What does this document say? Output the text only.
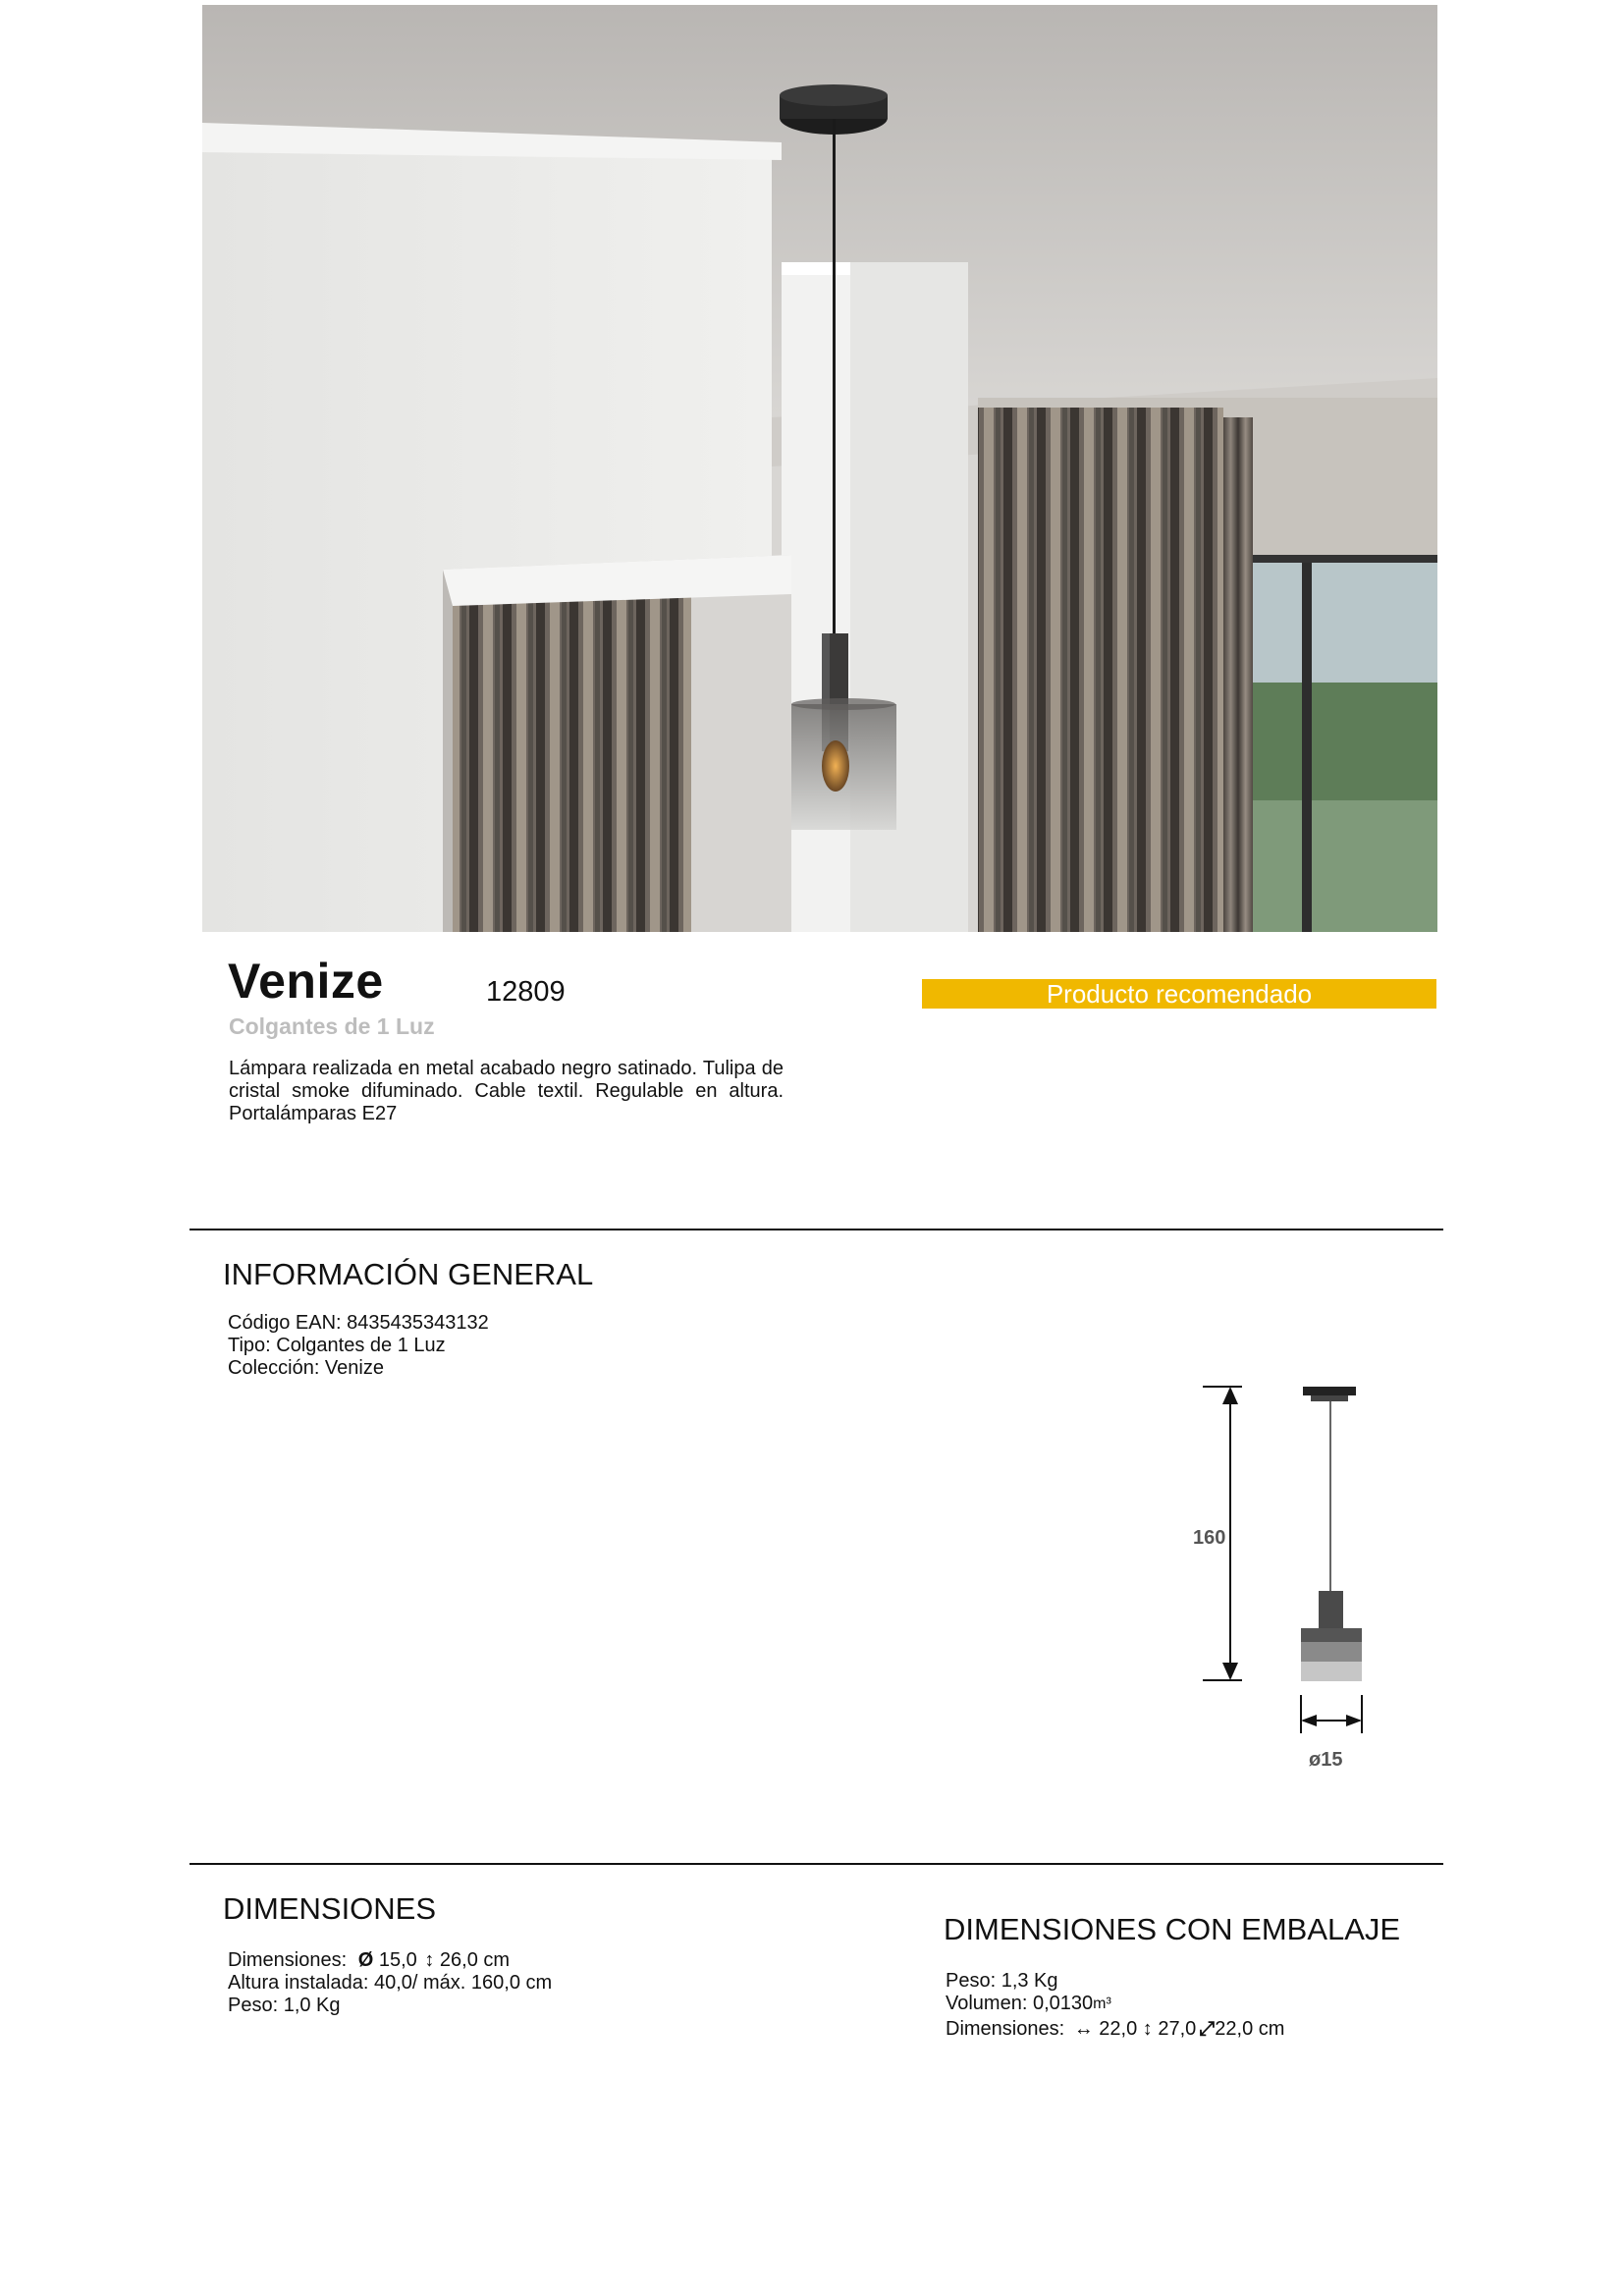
Venize	12809
Colgantes de 1 Luz
Producto recomendado
Lámpara realizada en metal acabado negro satinado. Tulipa de cristal smoke difuminado. Cable textil. Regulable en altura. Portalámparas E27
INFORMACIÓN GENERAL
Código EAN: 8435435343132
Tipo: Colgantes de 1 Luz
Colección: Venize
160
ø15
DIMENSIONES
Dimensiones: Ø 15,0 ↕ 26,0 cm
Altura instalada: 40,0/ máx. 160,0 cm
Peso: 1,0 Kg
DIMENSIONES CON EMBALAJE
Peso: 1,3 Kg
Volumen: 0,0130m³
Dimensiones: ↔ 22,0 ↕ 27,0 ⤢22,0 cm
